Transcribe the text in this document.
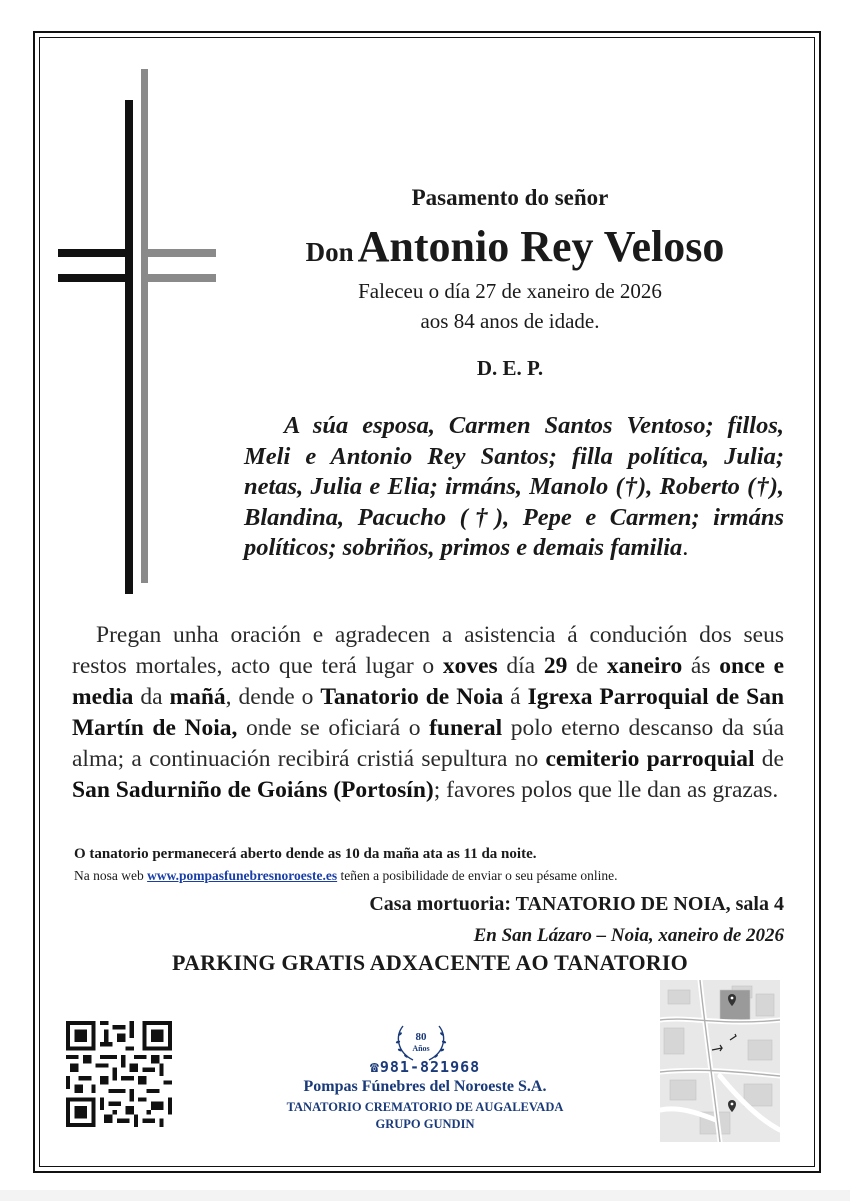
Pasamento do señor
Don Antonio Rey Veloso
Faleceu o día 27 de xaneiro de 2026
aos 84 anos de idade.
D. E. P.
A súa esposa, Carmen Santos Ventoso; fillos, Meli e Antonio Rey Santos; filla política, Julia; netas, Julia e Elia; irmáns, Manolo (†), Roberto (†), Blandina, Pacucho (†), Pepe e Carmen; irmáns políticos; sobriños, primos e demais familia.
Pregan unha oración e agradecen a asistencia á condución dos seus restos mortales, acto que terá lugar o xoves día 29 de xaneiro ás once e media da mañá, dende o Tanatorio de Noia á Igrexa Parroquial de San Martín de Noia, onde se oficiará o funeral polo eterno descanso da súa alma; a continuación recibirá cristiá sepultura no cemiterio parroquial de San Sadurniño de Goiáns (Portosín); favores polos que lle dan as grazas.
O tanatorio permanecerá aberto dende as 10 da maña ata as 11 da noite.
Na nosa web www.pompasfunebresnoroeste.es teñen a posibilidade de enviar o seu pésame online.
Casa mortuoria: TANATORIO DE NOIA, sala 4
En San Lázaro – Noia, xaneiro de 2026
PARKING GRATIS ADXACENTE AO TANATORIO
80
Años
☎981-821968
Pompas Fúnebres del Noroeste S.A.
TANATORIO CREMATORIO DE AUGALEVADA
GRUPO GUNDIN
